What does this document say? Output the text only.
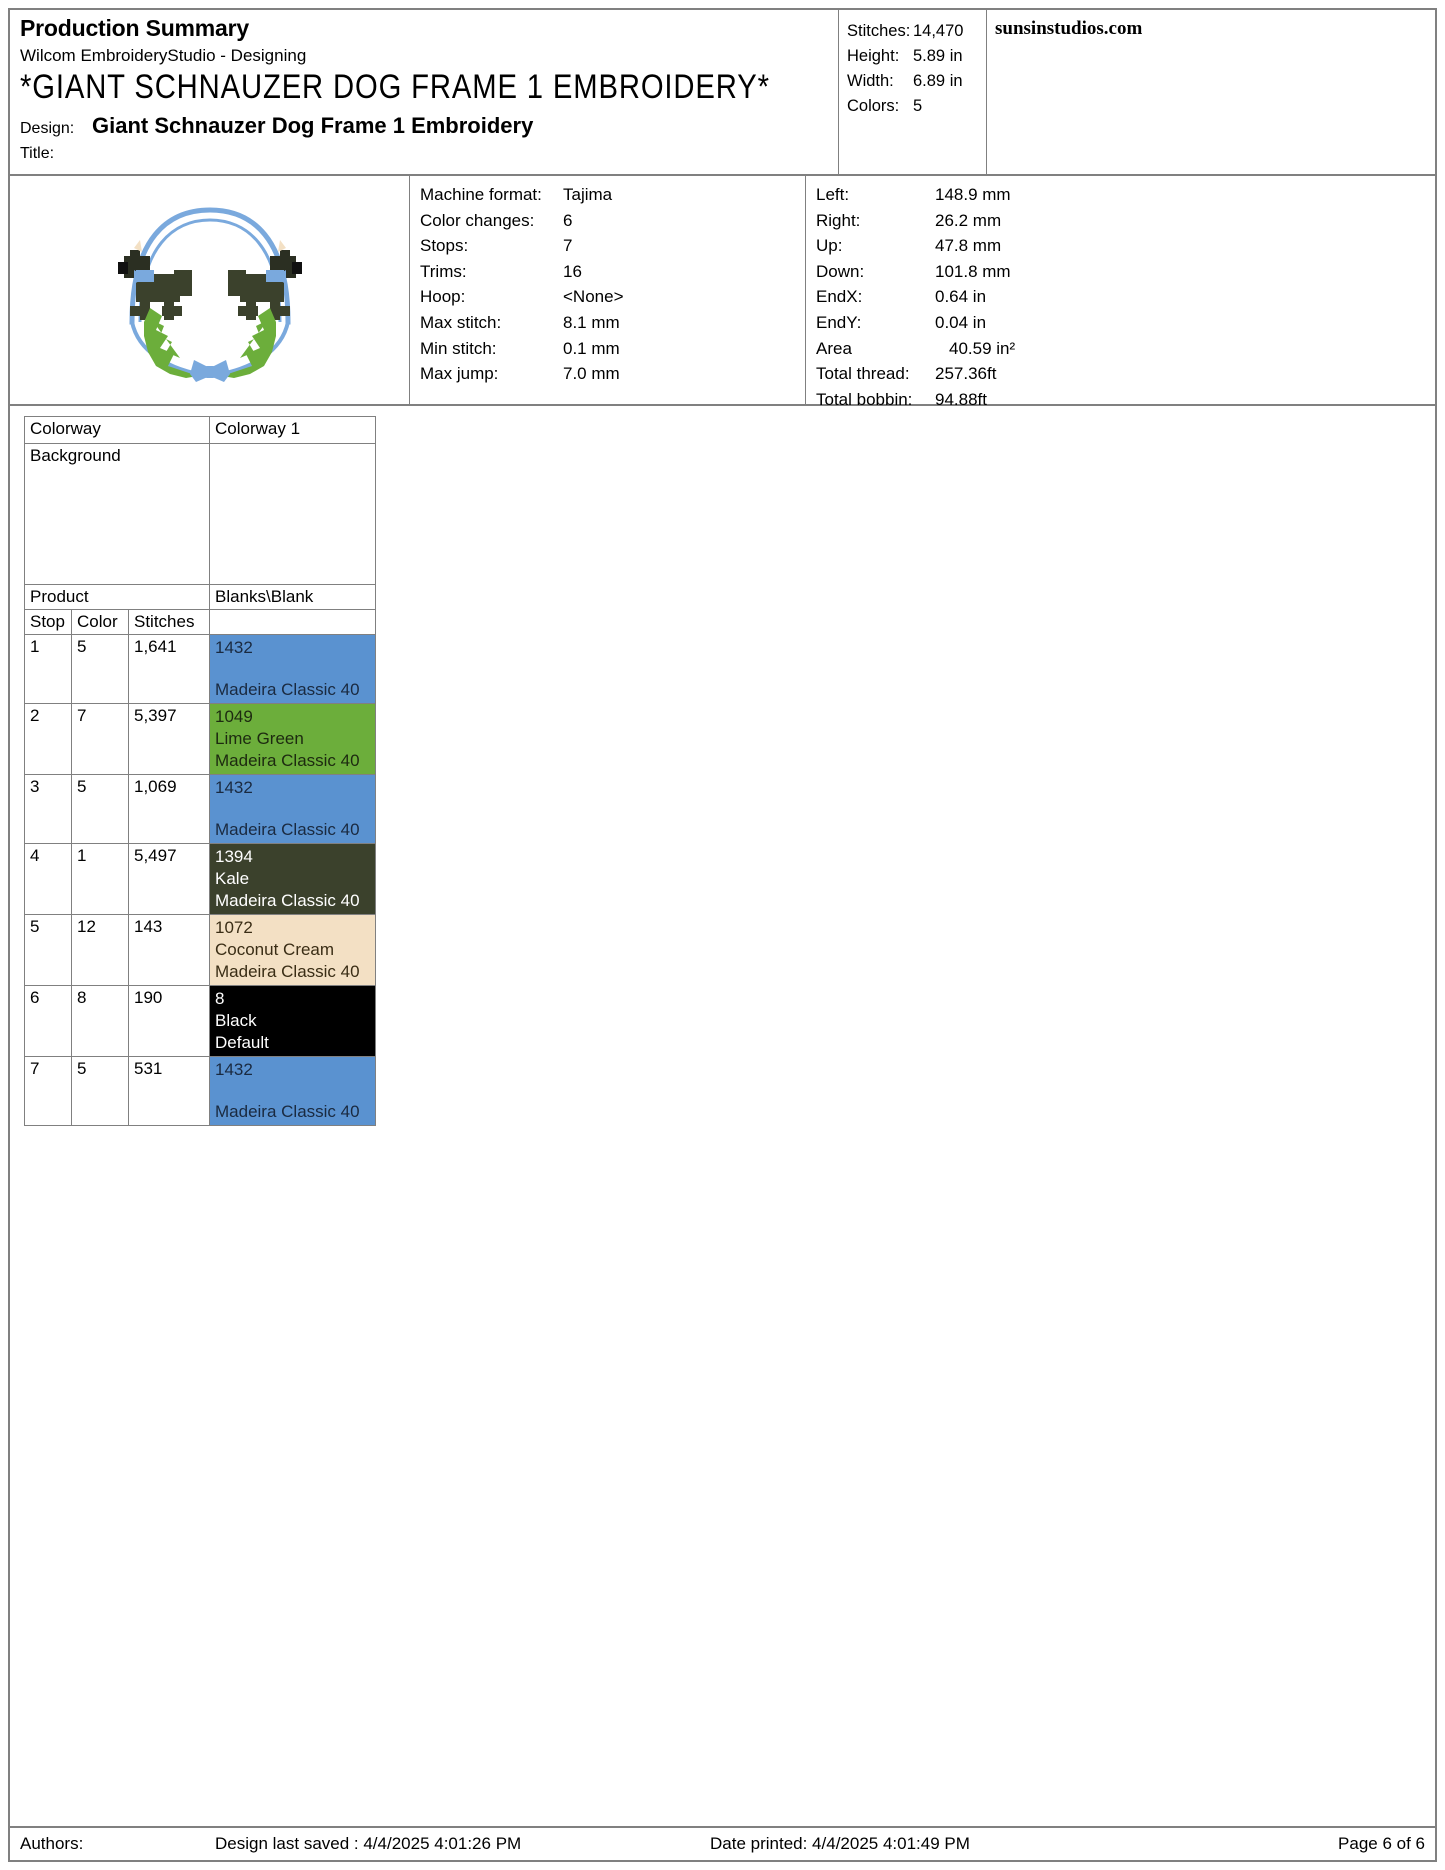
Production Summary
Wilcom EmbroideryStudio - Designing
*GIANT SCHNAUZER DOG FRAME 1 EMBROIDERY*
Design: Giant Schnauzer Dog Frame 1 Embroidery
Title:
Stitches: 14,470
Height: 5.89 in
Width:	6.89 in
Colors: 5
sunsinstudios.com
Machine format:	Tajima
Color changes:	6
Stops:	7
Trims:	16
Hoop:	<None>
Max stitch:	8.1 mm
Min stitch:	0.1 mm
Max jump:	7.0 mm
Left:	148.9 mm
Right:	26.2 mm
Up:	47.8 mm
Down:	101.8 mm
EndX:	0.64 in
EndY:	0.04 in
Area	40.59 in²
Total thread:	257.36ft
Total bobbin:	94.88ft
Colorway			Colorway 1
Background			
Product			Blanks\Blank
Stop	Color	Stitches	
1	5	1,641	1432
Madeira Classic 40

2	7	5,397	1049
Lime Green
Madeira Classic 40

3	5	1,069	1432
Madeira Classic 40

4	1	5,497	1394
Kale
Madeira Classic 40

5	12	143	1072
Coconut Cream
Madeira Classic 40

6	8	190	8
Black
Default

7	5	531	1432
Madeira Classic 40
Authors:	Design last saved : 4/4/2025 4:01:26 PM	Date printed: 4/4/2025 4:01:49 PM	Page 6 of 6
